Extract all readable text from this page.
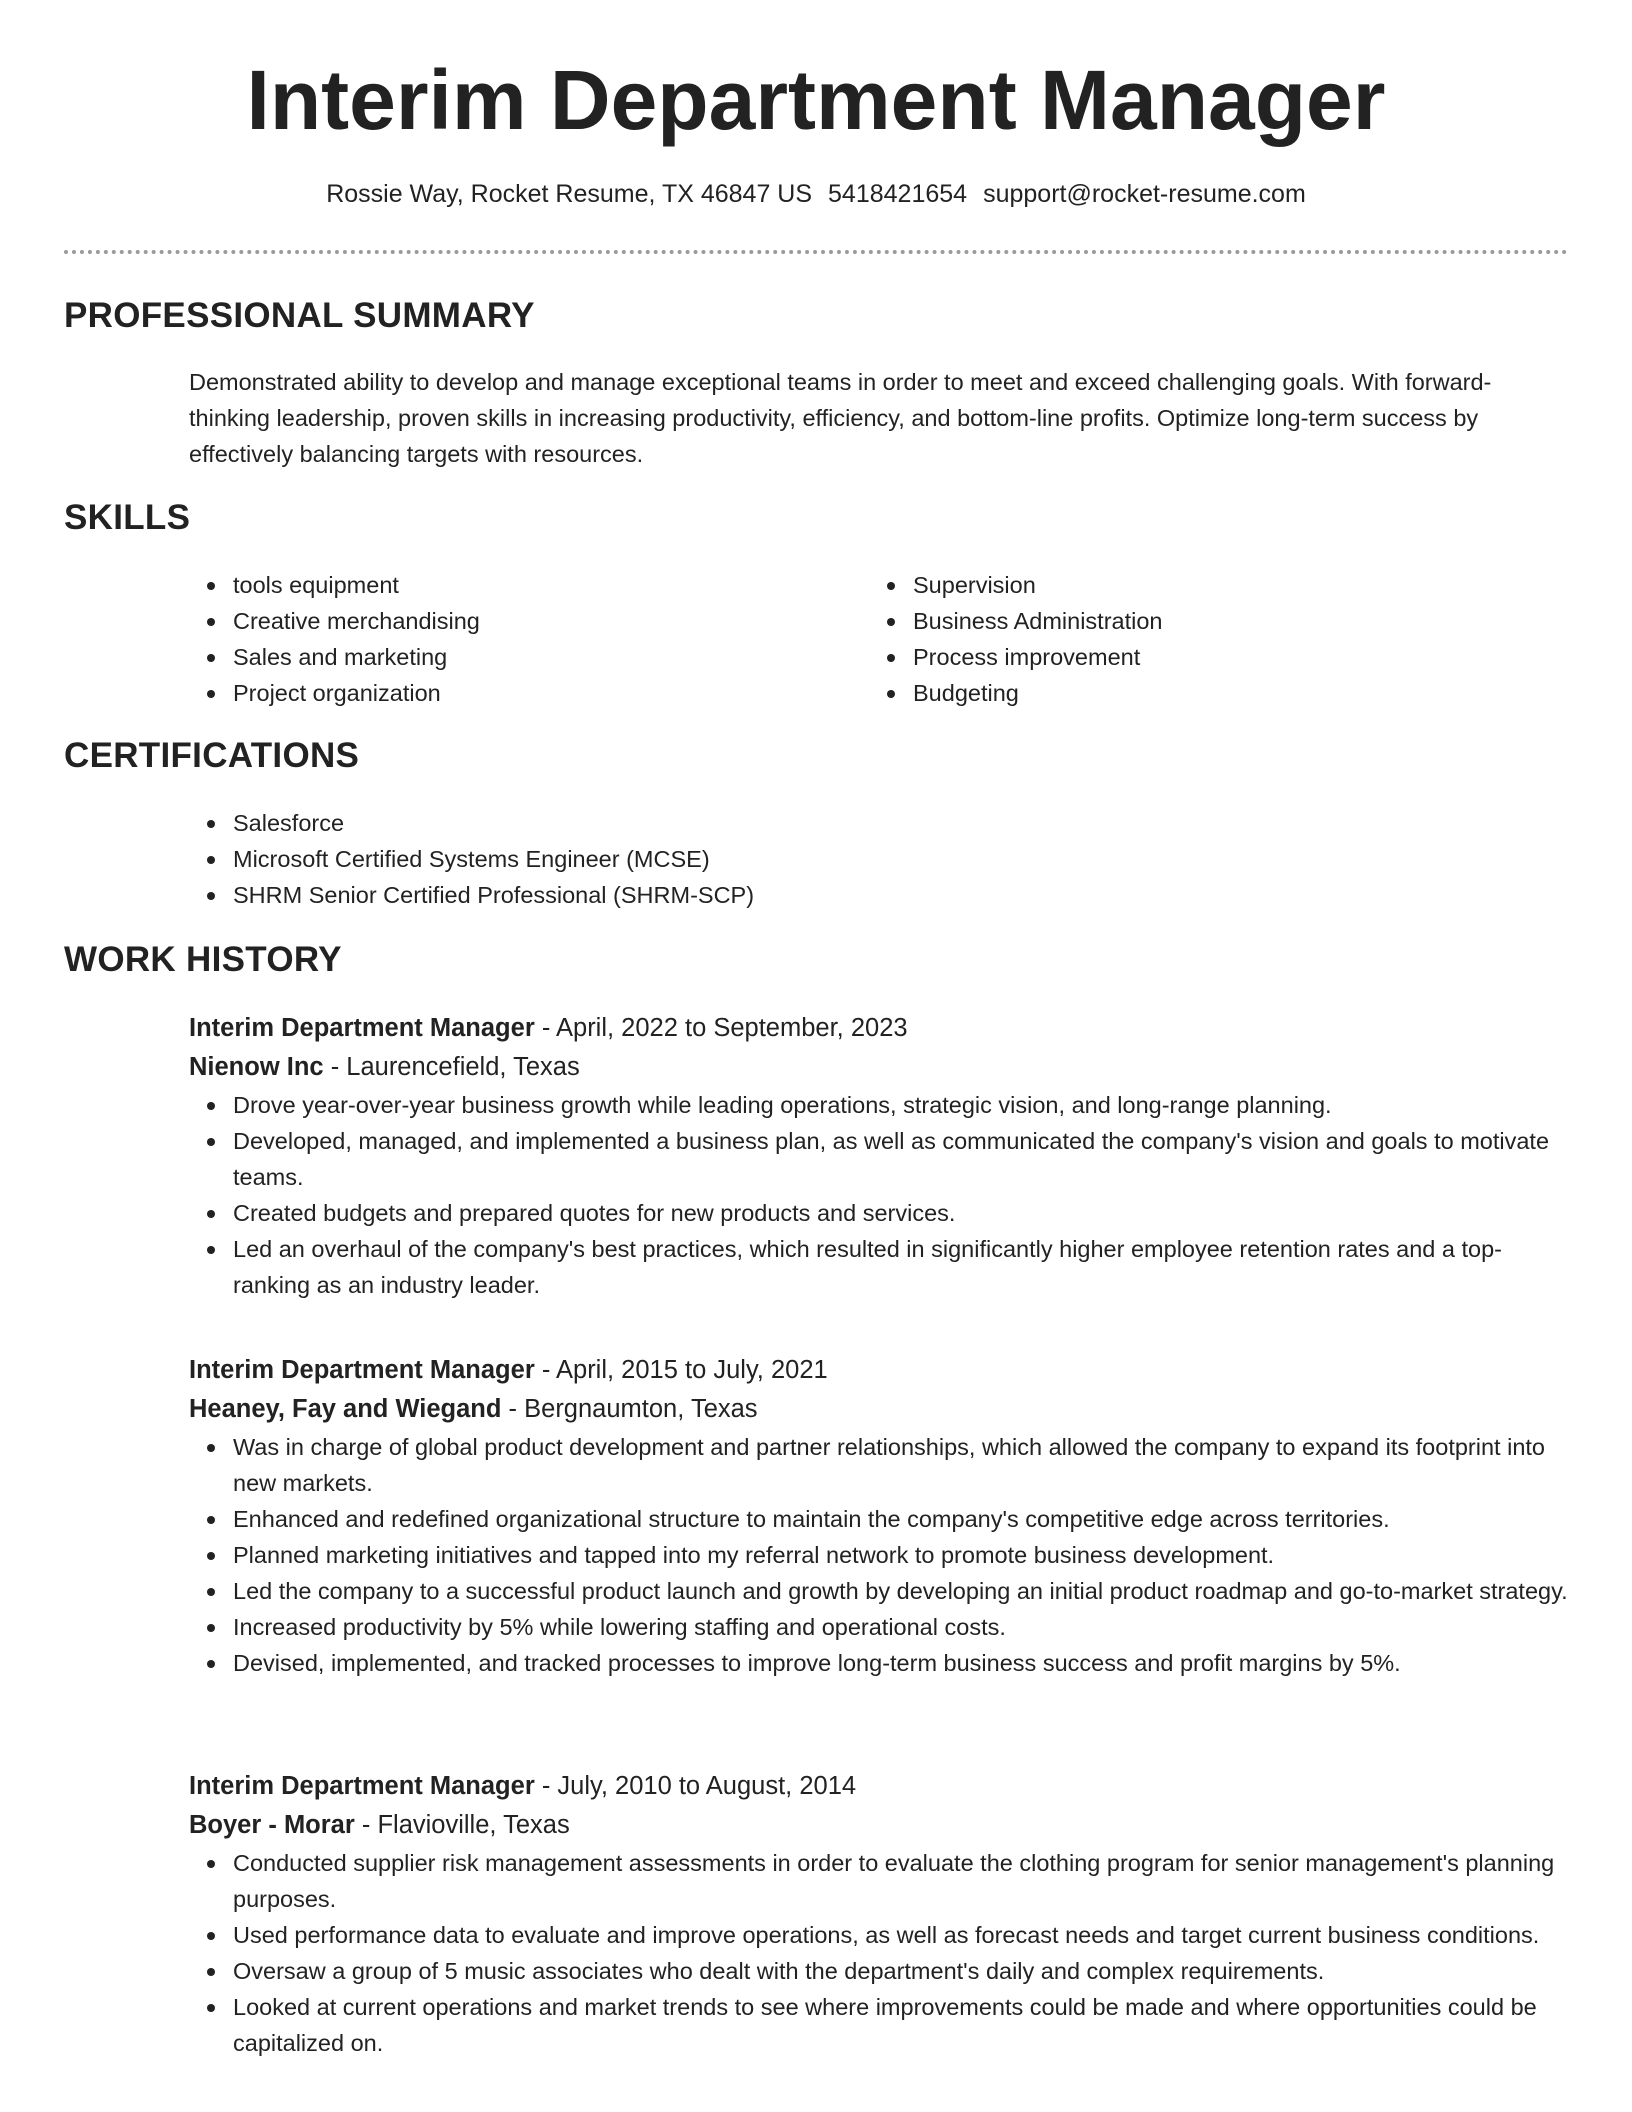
Interim Department Manager
Rossie Way, Rocket Resume, TX 46847 US 5418421654 support@rocket-resume.com
PROFESSIONAL SUMMARY
Demonstrated ability to develop and manage exceptional teams in order to meet and exceed challenging goals. With forward-thinking leadership, proven skills in increasing productivity, efficiency, and bottom-line profits. Optimize long-term success by effectively balancing targets with resources.
SKILLS
tools equipment
Creative merchandising
Sales and marketing
Project organization
Supervision
Business Administration
Process improvement
Budgeting
CERTIFICATIONS
Salesforce
Microsoft Certified Systems Engineer (MCSE)
SHRM Senior Certified Professional (SHRM-SCP)
WORK HISTORY
Interim Department Manager - April, 2022 to September, 2023
Nienow Inc - Laurencefield, Texas
Drove year-over-year business growth while leading operations, strategic vision, and long-range planning.
Developed, managed, and implemented a business plan, as well as communicated the company's vision and goals to motivate teams.
Created budgets and prepared quotes for new products and services.
Led an overhaul of the company's best practices, which resulted in significantly higher employee retention rates and a top-ranking as an industry leader.
Interim Department Manager - April, 2015 to July, 2021
Heaney, Fay and Wiegand - Bergnaumton, Texas
Was in charge of global product development and partner relationships, which allowed the company to expand its footprint into new markets.
Enhanced and redefined organizational structure to maintain the company's competitive edge across territories.
Planned marketing initiatives and tapped into my referral network to promote business development.
Led the company to a successful product launch and growth by developing an initial product roadmap and go-to-market strategy.
Increased productivity by 5% while lowering staffing and operational costs.
Devised, implemented, and tracked processes to improve long-term business success and profit margins by 5%.
Interim Department Manager - July, 2010 to August, 2014
Boyer - Morar - Flavioville, Texas
Conducted supplier risk management assessments in order to evaluate the clothing program for senior management's planning purposes.
Used performance data to evaluate and improve operations, as well as forecast needs and target current business conditions.
Oversaw a group of 5 music associates who dealt with the department's daily and complex requirements.
Looked at current operations and market trends to see where improvements could be made and where opportunities could be capitalized on.
